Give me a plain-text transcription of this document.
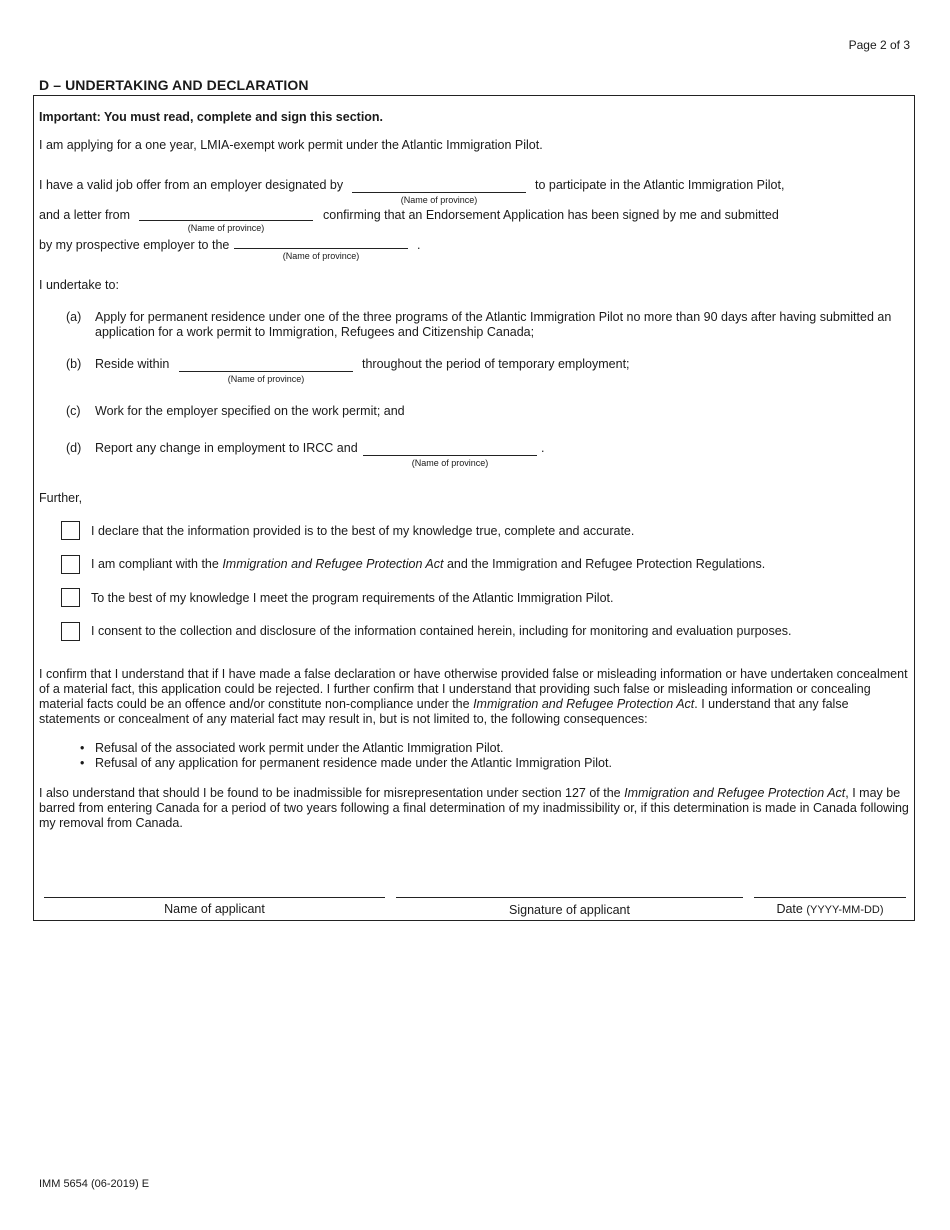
Page 2 of 3
D – UNDERTAKING AND DECLARATION
Important: You must read, complete and sign this section.
I am applying for a one year, LMIA-exempt work permit under the Atlantic Immigration Pilot.
I have a valid job offer from an employer designated by
(Name of province)
to participate in the Atlantic Immigration Pilot,
and a letter from
(Name of province)
confirming that an Endorsement Application has been signed by me and submitted
by my prospective employer to the
(Name of province)
.
I undertake to:
(a) Apply for permanent residence under one of the three programs of the Atlantic Immigration Pilot no more than 90 days after having submitted an application for a work permit to Immigration, Refugees and Citizenship Canada;
(b) Reside within
(Name of province)
throughout the period of temporary employment;
(c) Work for the employer specified on the work permit; and
(d) Report any change in employment to IRCC and
(Name of province)
.
Further,
I declare that the information provided is to the best of my knowledge true, complete and accurate.
I am compliant with the Immigration and Refugee Protection Act and the Immigration and Refugee Protection Regulations.
To the best of my knowledge I meet the program requirements of the Atlantic Immigration Pilot.
I consent to the collection and disclosure of the information contained herein, including for monitoring and evaluation purposes.
I confirm that I understand that if I have made a false declaration or have otherwise provided false or misleading information or have undertaken concealment of a material fact, this application could be rejected. I further confirm that I understand that providing such false or misleading information or concealing material facts could be an offence and/or constitute non-compliance under the Immigration and Refugee Protection Act. I understand that any false statements or concealment of any material fact may result in, but is not limited to, the following consequences:
• Refusal of the associated work permit under the Atlantic Immigration Pilot.
• Refusal of any application for permanent residence made under the Atlantic Immigration Pilot.
I also understand that should I be found to be inadmissible for misrepresentation under section 127 of the Immigration and Refugee Protection Act, I may be barred from entering Canada for a period of two years following a final determination of my inadmissibility or, if this determination is made in Canada following my removal from Canada.
Name of applicant	Signature of applicant	Date (YYYY-MM-DD)
IMM 5654 (06-2019) E
